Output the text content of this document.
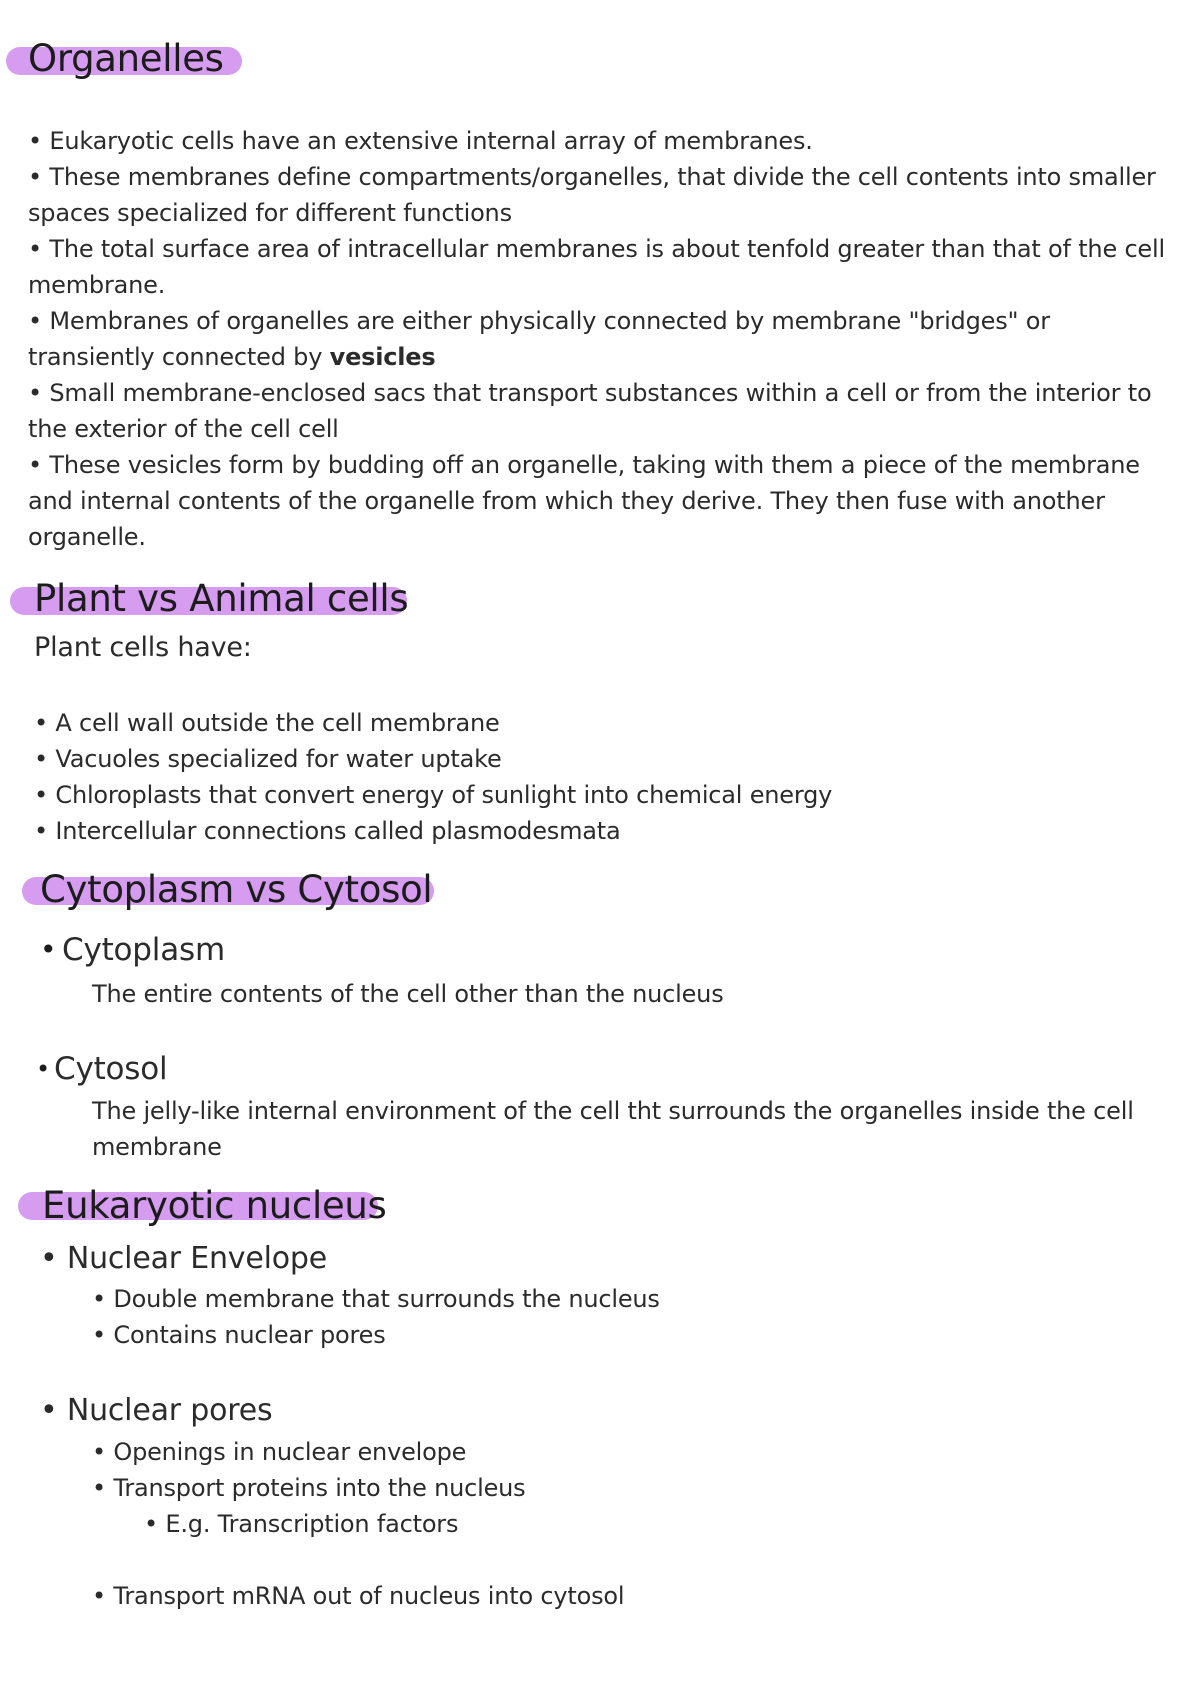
Organelles

• Eukaryotic cells have an extensive internal array of membranes.

• These membranes define compartments/organelles, that divide the cell contents into smaller spaces specialized for different functions

• The total surface area of intracellular membranes is about tenfold greater than that of the cell membrane.

• Membranes of organelles are either physically connected by membrane "bridges" or transiently connected by vesicles

• Small membrane-enclosed sacs that transport substances within a cell or from the interior to the exterior of the cell cell

• These vesicles form by budding off an organelle, taking with them a piece of the membrane and internal contents of the organelle from which they derive. They then fuse with another organelle.

Plant vs Animal cells
Plant cells have:
• A cell wall outside the cell membrane
• Vacuoles specialized for water uptake
• Chloroplasts that convert energy of sunlight into chemical energy
• Intercellular connections called plasmodesmata
Cytoplasm vs Cytosol
• Cytoplasm
The entire contents of the cell other than the nucleus
• Cytosol
The jelly-like internal environment of the cell tht surrounds the organelles inside the cell membrane
Eukaryotic nucleus
• Nuclear Envelope
• Double membrane that surrounds the nucleus
• Contains nuclear pores
• Nuclear pores
• Openings in nuclear envelope
• Transport proteins into the nucleus
• E.g. Transcription factors
• Transport mRNA out of nucleus into cytosol
